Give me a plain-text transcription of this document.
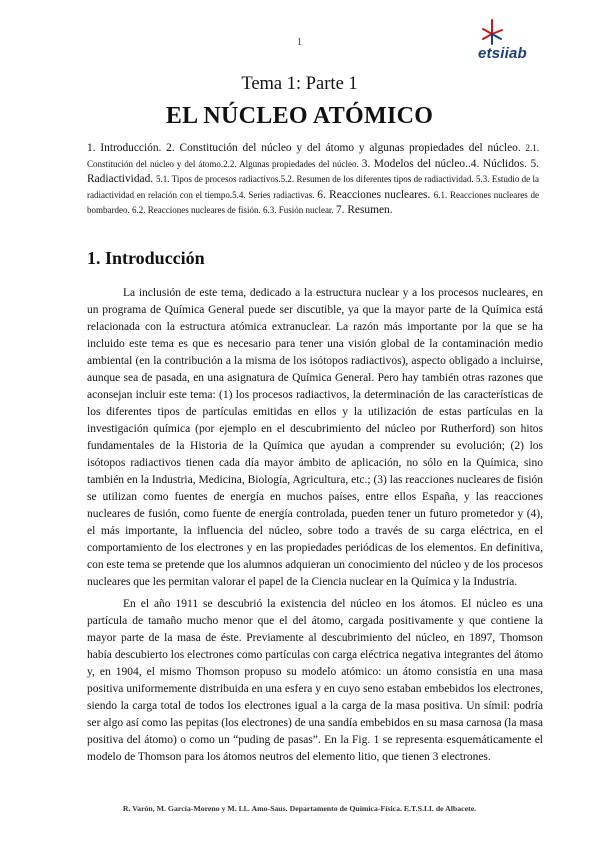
1
etsiiab
Tema 1: Parte 1
EL NÚCLEO ATÓMICO
1. Introducción. 2. Constitución del núcleo y del átomo y algunas propiedades del núcleo. 2.1. Constitución del núcleo y del átomo.2.2. Algunas propiedades del núcleo. 3. Modelos del núcleo..4. Núclidos. 5. Radiactividad. 5.1. Tipos de procesos radiactivos.5.2. Resumen de los diferentes tipos de radiactividad. 5.3. Estudio de la radiactividad en relación con el tiempo.5.4. Series radiactivas. 6. Reacciones nucleares. 6.1. Reacciones nucleares de bombardeo. 6.2. Reacciones nucleares de fisión. 6.3. Fusión nuclear. 7. Resumen.
1. Introducción

La inclusión de este tema, dedicado a la estructura nuclear y a los procesos nucleares, en un programa de Química General puede ser discutible, ya que la mayor parte de la Química está relacionada con la estructura atómica extranuclear. La razón más importante por la que se ha incluido este tema es que es necesario para tener una visión global de la contaminación medio ambiental (en la contribución a la misma de los isótopos radiactivos), aspecto obligado a incluirse, aunque sea de pasada, en una asignatura de Química General. Pero hay también otras razones que aconsejan incluir este tema: (1) los procesos radiactivos, la determinación de las características de los diferentes tipos de partículas emitidas en ellos y la utilización de estas partículas en la investigación química (por ejemplo en el descubrimiento del núcleo por Rutherford) son hitos fundamentales de la Historia de la Química que ayudan a comprender su evolución; (2) los isótopos radiactivos tienen cada día mayor ámbito de aplicación, no sólo en la Química, sino también en la Industria, Medicina, Biología, Agricultura, etc.; (3) las reacciones nucleares de fisión se utilizan como fuentes de energía en muchos países, entre ellos España, y las reacciones nucleares de fusión, como fuente de energía controlada, pueden tener un futuro prometedor y (4), el más importante, la influencia del núcleo, sobre todo a través de su carga eléctrica, en el comportamiento de los electrones y en las propiedades periódicas de los elementos. En definitiva, con este tema se pretende que los alumnos adquieran un conocimiento del núcleo y de los procesos nucleares que les permitan valorar el papel de la Ciencia nuclear en la Química y la Industria.

En el año 1911 se descubrió la existencia del núcleo en los átomos. El núcleo es una partícula de tamaño mucho menor que el del átomo, cargada positivamente y que contiene la mayor parte de la masa de éste. Previamente al descubrimiento del núcleo, en 1897, Thomson había descubierto los electrones como partículas con carga eléctrica negativa integrantes del átomo y, en 1904, el mismo Thomson propuso su modelo atómico: un átomo consistía en una masa positiva uniformemente distribuida en una esfera y en cuyo seno estaban embebidos los electrones, siendo la carga total de todos los electrones igual a la carga de la masa positiva. Un símil: podría ser algo así como las pepitas (los electrones) de una sandía embebidos en su masa carnosa (la masa positiva del átomo) o como un “puding de pasas”. En la Fig. 1 se representa esquemáticamente el modelo de Thomson para los átomos neutros del elemento litio, que tienen 3 electrones.

R. Varón, M. García-Moreno y M. Ll.. Amo-Saus. Departamento de Química-Física. E.T.S.I.I. de Albacete.
